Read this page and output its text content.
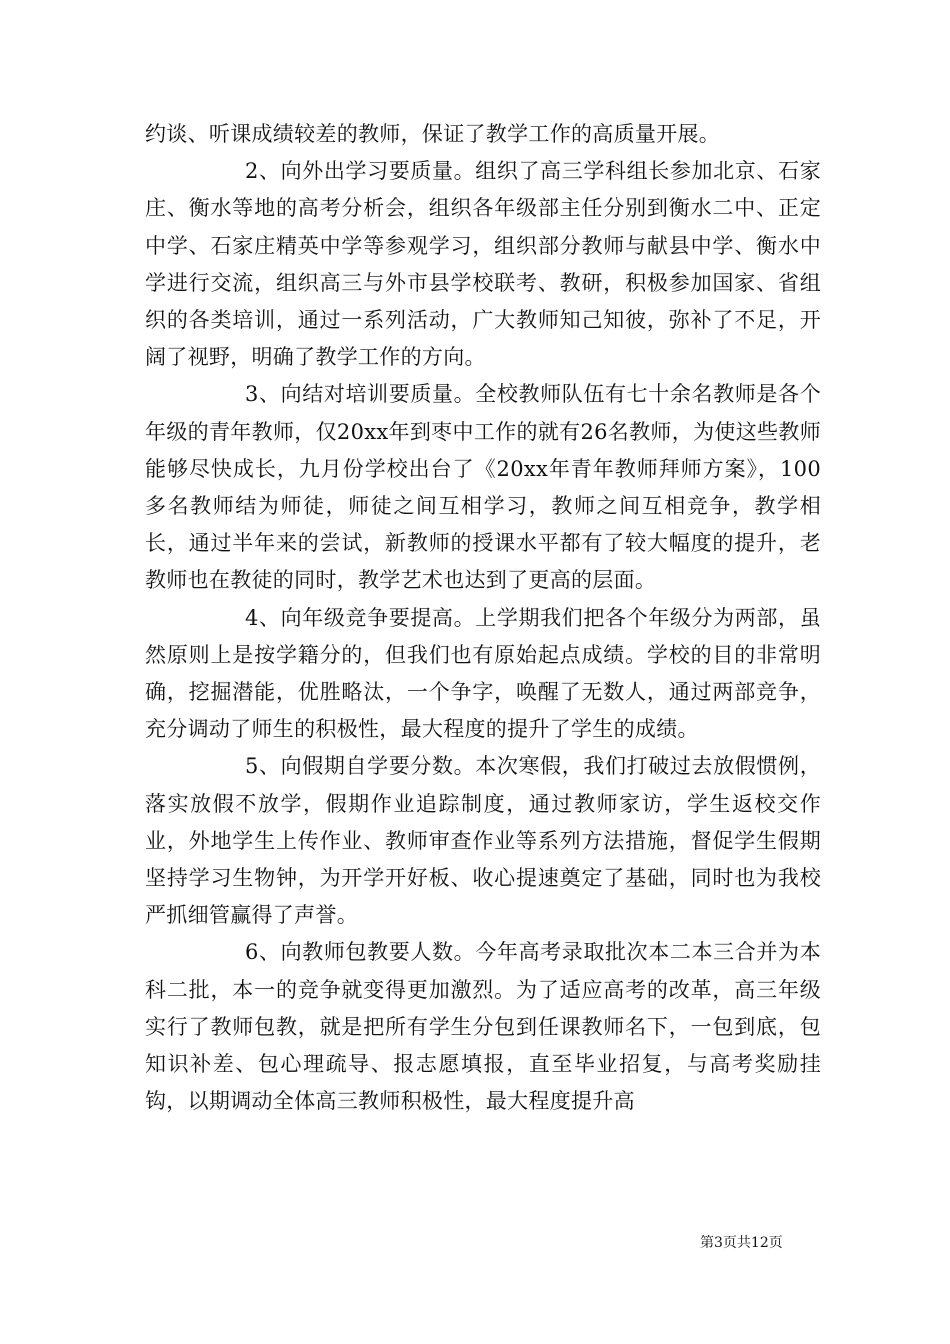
约谈、听课成绩较差的教师，保证了教学工作的高质量开展。

2、向外出学习要质量。组织了高三学科组长参加北京、石家庄、衡水等地的高考分析会，组织各年级部主任分别到衡水二中、正定中学、石家庄精英中学等参观学习，组织部分教师与献县中学、衡水中学进行交流，组织高三与外市县学校联考、教研，积极参加国家、省组织的各类培训，通过一系列活动，广大教师知己知彼，弥补了不足，开阔了视野，明确了教学工作的方向。

3、向结对培训要质量。全校教师队伍有七十余名教师是各个年级的青年教师，仅20xx年到枣中工作的就有26名教师，为使这些教师能够尽快成长，九月份学校出台了《20xx年青年教师拜师方案》，100多名教师结为师徒，师徒之间互相学习，教师之间互相竞争，教学相长，通过半年来的尝试，新教师的授课水平都有了较大幅度的提升，老教师也在教徒的同时，教学艺术也达到了更高的层面。

4、向年级竞争要提高。上学期我们把各个年级分为两部，虽然原则上是按学籍分的，但我们也有原始起点成绩。学校的目的非常明确，挖掘潜能，优胜略汰，一个争字，唤醒了无数人，通过两部竞争，充分调动了师生的积极性，最大程度的提升了学生的成绩。

5、向假期自学要分数。本次寒假，我们打破过去放假惯例，落实放假不放学，假期作业追踪制度，通过教师家访，学生返校交作业，外地学生上传作业、教师审查作业等系列方法措施，督促学生假期坚持学习生物钟，为开学开好板、收心提速奠定了基础，同时也为我校严抓细管赢得了声誉。

6、向教师包教要人数。今年高考录取批次本二本三合并为本科二批，本一的竞争就变得更加激烈。为了适应高考的改革，高三年级实行了教师包教，就是把所有学生分包到任课教师名下，一包到底，包知识补差、包心理疏导、报志愿填报，直至毕业招复，与高考奖励挂钩，以期调动全体高三教师积极性，最大程度提升高

第3页共12页
